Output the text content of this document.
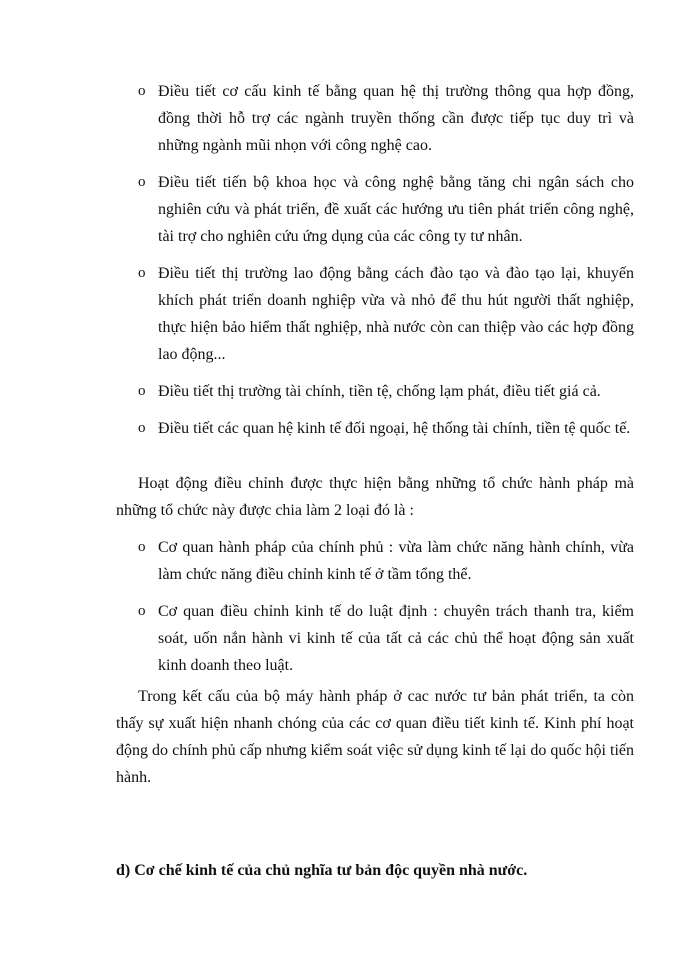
o Điều tiết cơ cấu kinh tế bằng quan hệ thị trường thông qua hợp đồng, đồng thời hỗ trợ các ngành truyền thống cần được tiếp tục duy trì và những ngành mũi nhọn với công nghệ cao.
o Điều tiết tiến bộ khoa học và công nghệ bằng tăng chi ngân sách cho nghiên cứu và phát triển, đề xuất các hướng ưu tiên phát triển công nghệ, tài trợ cho nghiên cứu ứng dụng của các công ty tư nhân.
o Điều tiết thị trường lao động bằng cách đào tạo và đào tạo lại, khuyến khích phát triển doanh nghiệp vừa và nhỏ để thu hút người thất nghiệp, thực hiện bảo hiểm thất nghiệp, nhà nước còn can thiệp vào các hợp đồng lao động...
o Điều tiết thị trường tài chính, tiền tệ, chống lạm phát, điều tiết giá cả.
o Điều tiết các quan hệ kinh tế đối ngoại, hệ thống tài chính, tiền tệ quốc tế.

Hoạt động điều chỉnh được thực hiện bằng những tổ chức hành pháp mà những tổ chức này được chia làm 2 loại đó là :

o Cơ quan hành pháp của chính phủ : vừa làm chức năng hành chính, vừa làm chức năng điều chỉnh kinh tế ở tầm tổng thể.
o Cơ quan điều chỉnh kinh tế do luật định : chuyên trách thanh tra, kiểm soát, uốn nắn hành vi kinh tế của tất cả các chủ thể hoạt động sản xuất kinh doanh theo luật.

Trong kết cấu của bộ máy hành pháp ở cac nước tư bản phát triển, ta còn thấy sự xuất hiện nhanh chóng của các cơ quan điều tiết kinh tế. Kinh phí hoạt động do chính phủ cấp nhưng kiểm soát việc sử dụng kinh tế lại do quốc hội tiến hành.

d) Cơ chế kinh tế của chủ nghĩa tư bản độc quyền nhà nước.
